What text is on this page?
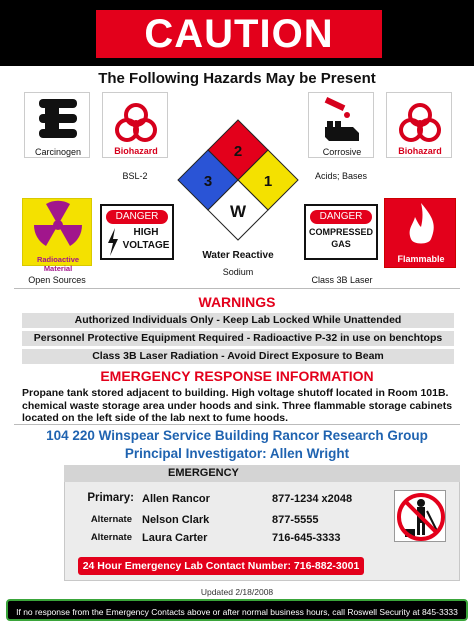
CAUTION
The Following Hazards May be Present
Carcinogen	Biohazard
BSL-2
2
3	1
W
Water Reactive
Sodium
Corrosive
Acids; Bases
Biohazard
Radioactive Material
Open Sources
DANGER
HIGH
VOLTAGE
DANGER
COMPRESSED
GAS
Class 3B Laser
Flammable
WARNINGS
Authorized Individuals Only - Keep Lab Locked While Unattended
Personnel Protective Equipment Required - Radioactive P-32 in use on benchtops
Class 3B Laser Radiation - Avoid Direct Exposure to Beam
EMERGENCY RESPONSE INFORMATION
Propane tank stored adjacent to building. High voltage shutoff located in Room 101B.
chemical waste storage area under hoods and sink. Three flammable storage cabinets
located on the left side of the lab next to fume hoods.
104 220 Winspear Service Building Rancor Research Group
Principal Investigator: Allen Wright
EMERGENCY
Primary: Allen Rancor	877-1234 x2048
Alternate Nelson Clark	877-5555
Alternate Laura Carter	716-645-3333
24 Hour Emergency Lab Contact Number: 716-882-3001
Updated 2/18/2008
If no response from the Emergency Contacts above or after normal business hours, call Roswell Security at 845-3333
